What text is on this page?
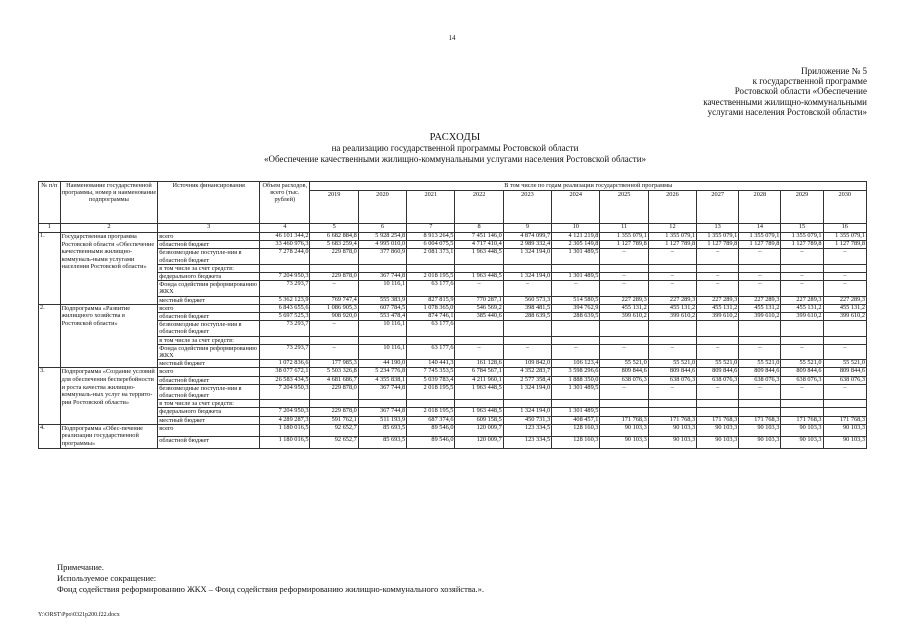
14
Приложение № 5
к государственной программе
Ростовской области «Обеспечение
качественными жилищно-коммунальными
услугами населения Ростовской области»
РАСХОДЫ
на реализацию государственной программы Ростовской области
«Обеспечение качественными жилищно-коммунальными услугами населения Ростовской области»
№ п/п	Наименование государственной программы, номер и наименование подпрограммы	Источник финансирования	Объем расходов, всего (тыс. рублей)	В том числе по годам реализации государственной программы											
				2019	2020	2021	2022	2023	2024	2025	2026	2027	2028	2029	2030
1	2	3	4	5	6	7	8	9	10	11	12	13	14	15	16
1.	Государственная программа Ростовской области «Обеспечение качественными жилищно-коммуналь-ными услугами населения Ростовской области»	всего	46 101 344,2	6 682 884,8	5 928 254,8	8 913 264,5	7 451 146,0	4 874 099,7	4 121 219,8	1 355 079,1	1 355 079,1	1 355 079,1	1 355 079,1	1 355 079,1	1 355 079,1
		областной бюджет	33 460 976,3	5 683 259,4	4 995 010,0	6 004 075,5	4 717 410,4	2 989 332,4	2 305 149,8	1 127 789,8	1 127 789,8	1 127 789,8	1 127 789,8	1 127 789,8	1 127 789,8
		безвозмездные поступле-ния в областной бюджет	7 278 244,0	229 878,0	377 860,9	2 081 373,1	1 963 448,5	1 324 194,0	1 301 489,5	–	–	–	–	–	–
		в том числе за счет средств:													
		федерального бюджета	7 204 950,3	229 878,0	367 744,8	2 018 195,5	1 963 448,5	1 324 194,0	1 301 489,5	–	–	–	–	–	–
		Фонда содействия реформированию ЖКХ	73 293,7	–	10 116,1	63 177,6	–	–	–	–	–	–	–	–	–
		местный бюджет	5 362 123,9	769 747,4	555 383,9	827 815,9	770 287,1	560 573,3	514 580,5	227 289,3	227 289,3	227 289,3	227 289,3	227 289,3	227 289,3
2.	Подпрограмма «Развитие жилищного хозяйства в Ростовской области»	всего	6 843 655,6	1 086 905,3	607 784,5	1 078 365,0	546 569,2	398 481,5	394 762,9	455 131,2	455 131,2	455 131,2	455 131,2	455 131,2	455 131,2
		областной бюджет	5 697 525,3	908 920,0	553 478,4	874 746,1	385 440,6	288 639,5	288 639,5	399 610,2	399 610,2	399 610,2	399 610,2	399 610,2	399 610,2
		безвозмездные поступле-ния в областной бюджет	73 293,7	–	10 116,1	63 177,6									
		в том числе за счет средств:													
		Фонда содействия реформированию ЖКХ	73 293,7	–	10 116,1	63 177,6	–	–	–	–	–	–	–	–	–
		местный бюджет	1 072 836,6	177 985,3	44 190,0	140 441,3	161 128,6	109 842,0	106 123,4	55 521,0	55 521,0	55 521,0	55 521,0	55 521,0	55 521,0
3.	Подпрограмма «Создание условий для обеспечения бесперебойности и роста качества жилищно-коммуналь-ных услуг на террито-рии Ростовской области»	всего	38 077 672,1	5 503 326,8	5 234 776,8	7 745 353,5	6 784 567,1	4 352 283,7	3 598 296,6	809 844,6	809 844,6	809 844,6	809 844,6	809 844,6	809 844,6
		областной бюджет	26 583 434,5	4 681 686,7	4 355 838,1	5 039 783,4	4 211 960,1	2 577 358,4	1 888 350,0	638 076,3	638 076,3	638 076,3	638 076,3	638 076,3	638 076,3
		безвозмездные поступле-ния в областной бюджет	7 204 950,3	229 878,0	367 744,8	2 018 195,5	1 963 448,5	1 324 194,0	1 301 489,5	–	–	–	–	–	–
		в том числе за счет средств:													
		федерального бюджета	7 204 950,3	229 878,0	367 744,8	2 018 195,5	1 963 448,5	1 324 194,0	1 301 489,5						
		местный бюджет	4 289 287,3	591 762,1	511 193,9	687 374,6	609 158,5	450 731,3	408 457,1	171 768,3	171 768,3	171 768,3	171 768,3	171 768,3	171 768,3
4.	Подпрограмма «Обес-печение реализации государственной программы»	всего	1 180 016,5	92 652,7	85 693,5	89 546,0	120 009,7	123 334,5	128 160,3	90 103,3	90 103,3	90 103,3	90 103,3	90 103,3	90 103,3
		областной бюджет	1 180 016,5	92 652,7	85 693,5	89 546,0	120 009,7	123 334,5	128 160,3	90 103,3	90 103,3	90 103,3	90 103,3	90 103,3	90 103,3
Примечание.
Используемое сокращение:
Фонд содействия реформированию ЖКХ – Фонд содействия реформированию жилищно-коммунального хозяйства.».
Y:\ORST\Ppo\0321p200.f22.docx
